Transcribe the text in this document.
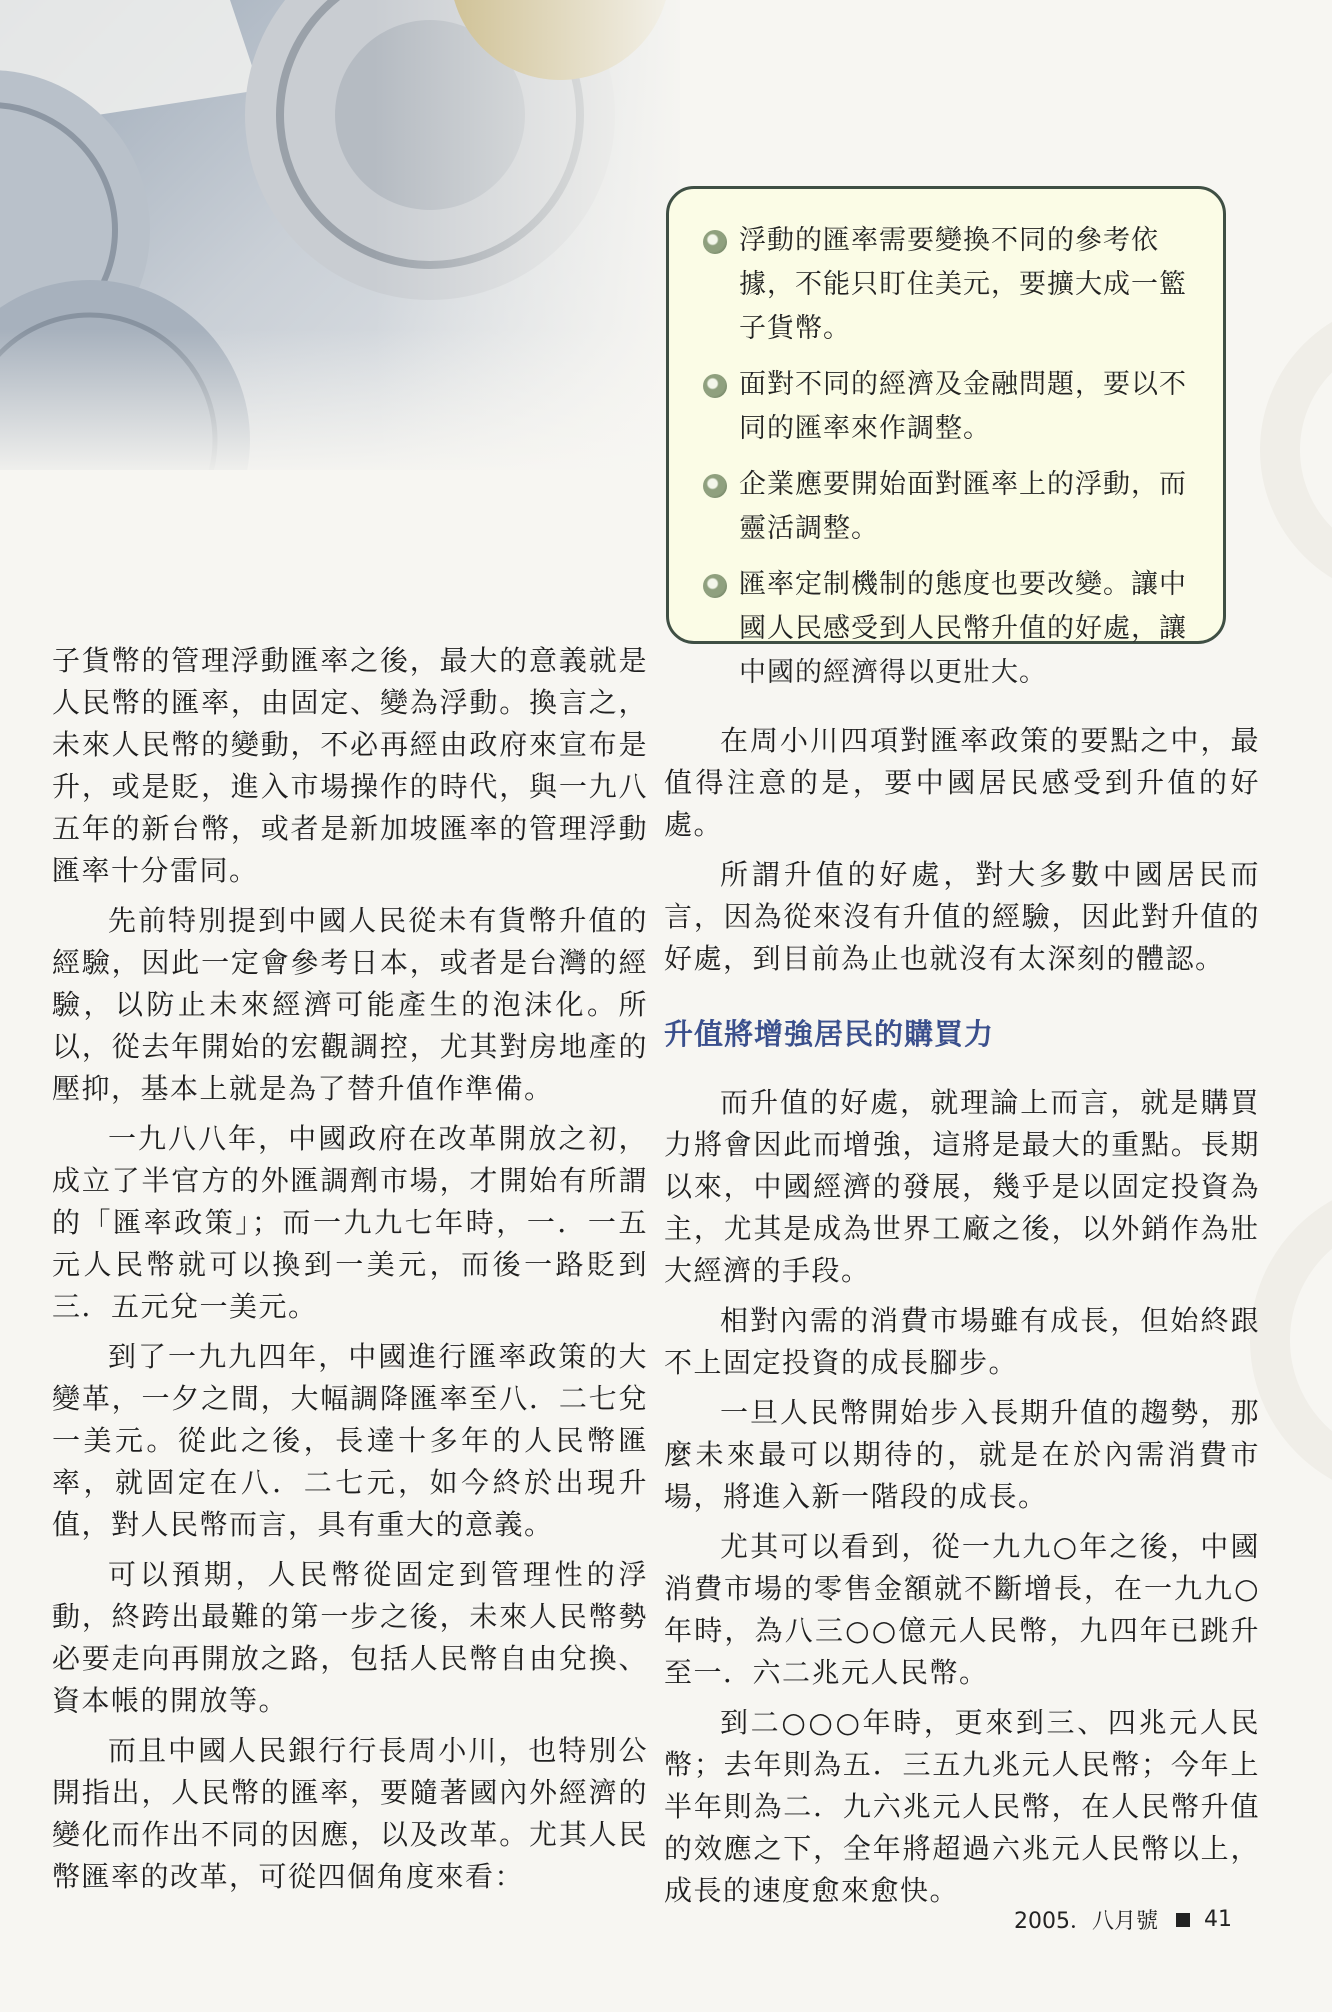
浮動的匯率需要變換不同的參考依據，不能只盯住美元，要擴大成一籃子貨幣。
面對不同的經濟及金融問題，要以不同的匯率來作調整。
企業應要開始面對匯率上的浮動，而靈活調整。
匯率定制機制的態度也要改變。讓中國人民感受到人民幣升值的好處，讓中國的經濟得以更壯大。

子貨幣的管理浮動匯率之後，最大的意義就是人民幣的匯率，由固定、變為浮動。換言之，未來人民幣的變動，不必再經由政府來宣布是升，或是貶，進入市場操作的時代，與一九八五年的新台幣，或者是新加坡匯率的管理浮動匯率十分雷同。

先前特別提到中國人民從未有貨幣升值的經驗，因此一定會參考日本，或者是台灣的經驗，以防止未來經濟可能產生的泡沫化。所以，從去年開始的宏觀調控，尤其對房地產的壓抑，基本上就是為了替升值作準備。

一九八八年，中國政府在改革開放之初，成立了半官方的外匯調劑市場，才開始有所謂的「匯率政策」；而一九九七年時，一．一五元人民幣就可以換到一美元，而後一路貶到三．五元兌一美元。

到了一九九四年，中國進行匯率政策的大變革，一夕之間，大幅調降匯率至八．二七兌一美元。從此之後，長達十多年的人民幣匯率，就固定在八．二七元，如今終於出現升值，對人民幣而言，具有重大的意義。

可以預期，人民幣從固定到管理性的浮動，終跨出最難的第一步之後，未來人民幣勢必要走向再開放之路，包括人民幣自由兌換、資本帳的開放等。

而且中國人民銀行行長周小川，也特別公開指出，人民幣的匯率，要隨著國內外經濟的變化而作出不同的因應，以及改革。尤其人民幣匯率的改革，可從四個角度來看：

在周小川四項對匯率政策的要點之中，最值得注意的是，要中國居民感受到升值的好處。

所謂升值的好處，對大多數中國居民而言，因為從來沒有升值的經驗，因此對升值的好處，到目前為止也就沒有太深刻的體認。

升值將增強居民的購買力

而升值的好處，就理論上而言，就是購買力將會因此而增強，這將是最大的重點。長期以來，中國經濟的發展，幾乎是以固定投資為主，尤其是成為世界工廠之後，以外銷作為壯大經濟的手段。

相對內需的消費市場雖有成長，但始終跟不上固定投資的成長腳步。

一旦人民幣開始步入長期升值的趨勢，那麼未來最可以期待的，就是在於內需消費市場，將進入新一階段的成長。

尤其可以看到，從一九九○年之後，中國消費市場的零售金額就不斷增長，在一九九○年時，為八三○○億元人民幣，九四年已跳升至一．六二兆元人民幣。

到二○○○年時，更來到三、四兆元人民幣；去年則為五．三五九兆元人民幣；今年上半年則為二．九六兆元人民幣，在人民幣升值的效應之下，全年將超過六兆元人民幣以上，成長的速度愈來愈快。

2005．八月號 41
